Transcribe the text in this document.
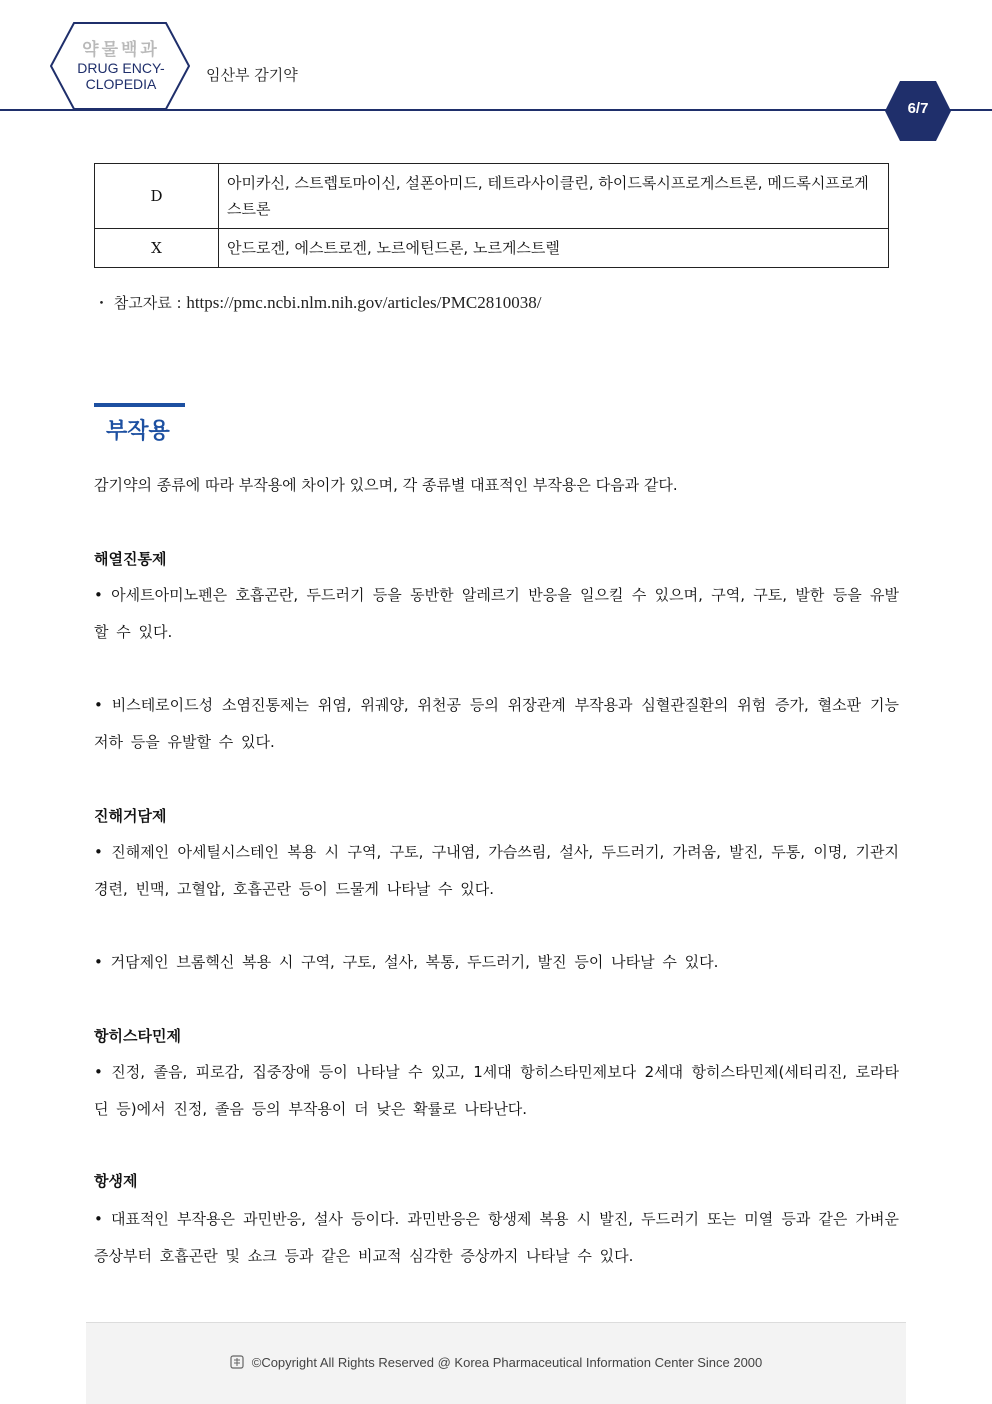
약물백과
DRUG ENCY-
CLOPEDIA	임산부 감기약
6/7
D	아미카신, 스트렙토마이신, 설폰아미드, 테트라사이클린, 하이드록시프로게스트론, 메드록시프로게스트론
X	안드로겐, 에스트로겐, 노르에틴드론, 노르게스트렐
・ 참고자료 : https://pmc.ncbi.nlm.nih.gov/articles/PMC2810038/
부작용
감기약의 종류에 따라 부작용에 차이가 있으며, 각 종류별 대표적인 부작용은 다음과 같다.
해열진통제
• 아세트아미노펜은 호흡곤란, 두드러기 등을 동반한 알레르기 반응을 일으킬 수 있으며, 구역, 구토, 발한 등을 유발할 수 있다.
• 비스테로이드성 소염진통제는 위염, 위궤양, 위천공 등의 위장관계 부작용과 심혈관질환의 위험 증가, 혈소판 기능 저하 등을 유발할 수 있다.
진해거담제
• 진해제인 아세틸시스테인 복용 시 구역, 구토, 구내염, 가슴쓰림, 설사, 두드러기, 가려움, 발진, 두통, 이명, 기관지경련, 빈맥, 고혈압, 호흡곤란 등이 드물게 나타날 수 있다.
• 거담제인 브롬헥신 복용 시 구역, 구토, 설사, 복통, 두드러기, 발진 등이 나타날 수 있다.
항히스타민제
• 진정, 졸음, 피로감, 집중장애 등이 나타날 수 있고, 1세대 항히스타민제보다 2세대 항히스타민제(세티리진, 로라타딘 등)에서 진정, 졸음 등의 부작용이 더 낮은 확률로 나타난다.
항생제
• 대표적인 부작용은 과민반응, 설사 등이다. 과민반응은 항생제 복용 시 발진, 두드러기 또는 미열 등과 같은 가벼운 증상부터 호흡곤란 및 쇼크 등과 같은 비교적 심각한 증상까지 나타날 수 있다.
©Copyright All Rights Reserved @ Korea Pharmaceutical Information Center Since 2000
